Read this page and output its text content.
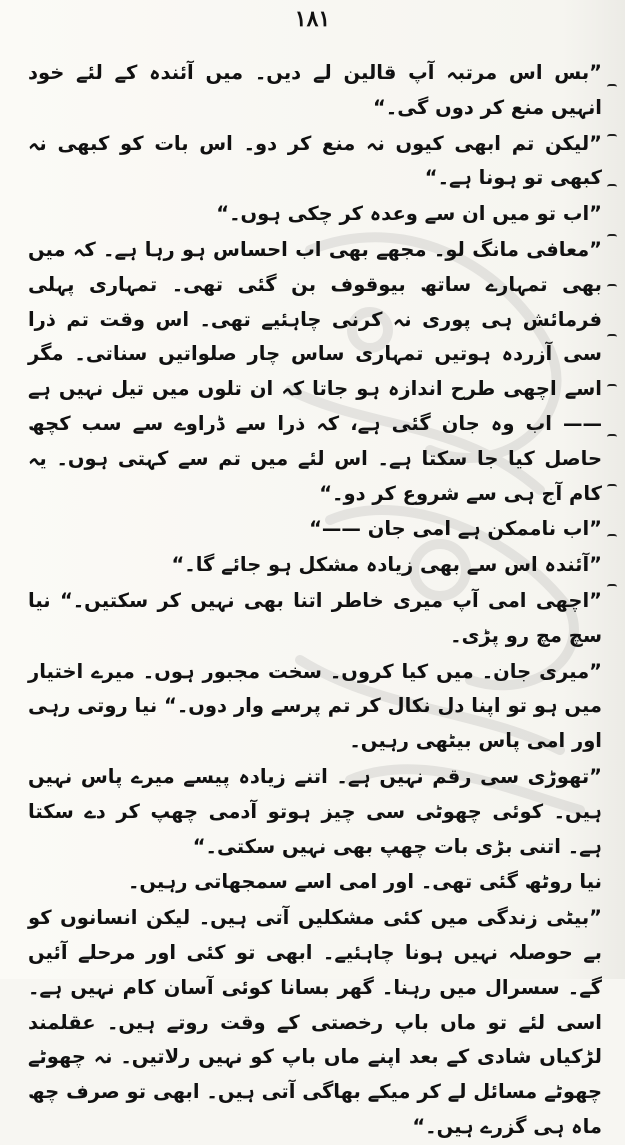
١٨١

”بس اس مرتبہ آپ قالین لے دیں۔ میں آئندہ کے لئے خود انہیں منع کر دوں گی۔“

”لیکن تم ابھی کیوں نہ منع کر دو۔ اس بات کو کبھی نہ کبھی تو ہونا ہے۔“

”اب تو میں ان سے وعدہ کر چکی ہوں۔“

”معافی مانگ لو۔ مجھے بھی اب احساس ہو رہا ہے۔ کہ میں بھی تمہارے ساتھ بیوقوف بن گئی تھی۔ تمہاری پہلی فرمائش ہی پوری نہ کرنی چاہئیے تھی۔ اس وقت تم ذرا سی آزردہ ہوتیں تمہاری ساس چار صلواتیں سناتی۔ مگر اسے اچھی طرح اندازہ ہو جاتا کہ ان تلوں میں تیل نہیں ہے —— اب وہ جان گئی ہے، کہ ذرا سے ڈراوے سے سب کچھ حاصل کیا جا سکتا ہے۔ اس لئے میں تم سے کہتی ہوں۔ یہ کام آج ہی سے شروع کر دو۔“

”اب ناممکن ہے امی جان ——“

”آئندہ اس سے بھی زیادہ مشکل ہو جائے گا۔“

”اچھی امی آپ میری خاطر اتنا بھی نہیں کر سکتیں۔“ نیا سچ مچ رو پڑی۔

”میری جان۔ میں کیا کروں۔ سخت مجبور ہوں۔ میرے اختیار میں ہو تو اپنا دل نکال کر تم پرسے وار دوں۔“ نیا روتی رہی اور امی پاس بیٹھی رہیں۔

”تھوڑی سی رقم نہیں ہے۔ اتنے زیادہ پیسے میرے پاس نہیں ہیں۔ کوئی چھوٹی سی چیز ہوتو آدمی چھپ کر دے سکتا ہے۔ اتنی بڑی بات چھپ بھی نہیں سکتی۔“

نیا روٹھ گئی تھی۔ اور امی اسے سمجھاتی رہیں۔

”بیٹی زندگی میں کئی مشکلیں آتی ہیں۔ لیکن انسانوں کو بے حوصلہ نہیں ہونا چاہئیے۔ ابھی تو کئی اور مرحلے آئیں گے۔ سسرال میں رہنا۔ گھر بسانا کوئی آسان کام نہیں ہے۔ اسی لئے تو ماں باپ رخصتی کے وقت روتے ہیں۔ عقلمند لڑکیاں شادی کے بعد اپنے ماں باپ کو نہیں رلاتیں۔ نہ چھوٹے چھوٹے مسائل لے کر میکے بھاگی آتی ہیں۔ ابھی تو صرف چھ ماہ ہی گزرے ہیں۔“
